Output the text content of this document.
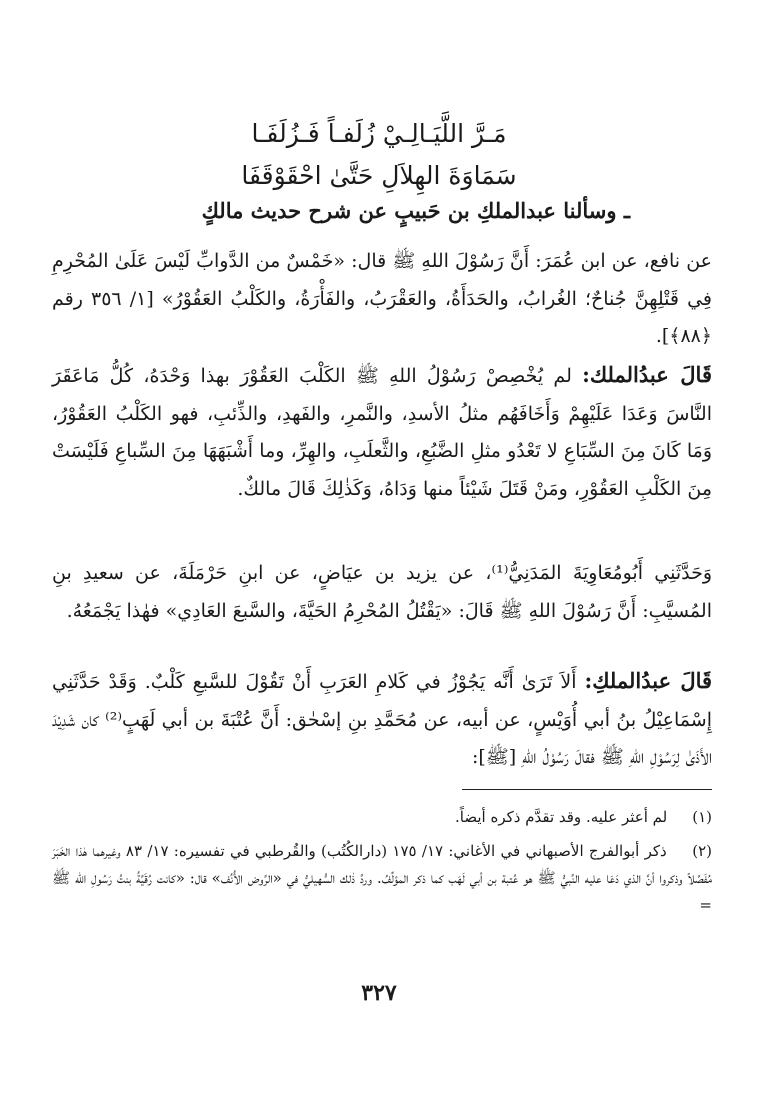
مَـرَّ اللَّيَـالِـيْ زُلَفـاً فَـزُلَفَـا
سَمَاوَةَ الهِلاَلِ حَتَّىٰ احْقَوْقَفَا
ـ وسألنا عبدالملكِ بن حَبيبٍ عن شرح حديث مالكٍ
عن نافع، عن ابن عُمَرَ: أَنَّ رَسُوْلَ اللهِ ﷺ قال: «خَمْسٌ من الدَّوابِّ لَيْسَ عَلَىٰ المُحْرِمِ فِي قَتْلِهِنَّ جُناحٌ؛ الغُرابُ، والحَدَأَةُ، والعَقْرَبُ، والفَأْرَةُ، والكَلْبُ العَقُوْرُ» [١/ ٣٥٦ رقم ﴿٨٨﴾].
قَالَ عبدُالملك: لم يُخْصِصْ رَسُوْلُ اللهِ ﷺ الكَلْبَ العَقُوْرَ بهذا وَحْدَهُ، كُلُّ مَاعَقَرَ النَّاسَ وَعَدَا عَلَيْهِمْ وَأَخَافَهُم مثلُ الأسدِ، والنَّمرِ، والفَهدِ، والذِّئبِ، فهو الكَلْبُ العَقُوْرُ، وَمَا كَانَ مِنَ السِّبَاعِ لا تَعْدُو مثلِ الضَّبُعِ، والثَّعلَبِ، والهِرِّ، وما أَشْبَهَهَا مِنَ السِّباعِ فَلَيْسَتْ مِنَ الكَلْبِ العَقُوْرِ، ومَنْ قَتَلَ شَيْئاً منها وَدَاهُ، وَكَذٰلِكَ قَالَ مالكٌ.
وَحَدَّثَنِي أَبُومُعَاوِيَةَ المَدَنِيُّ⁽¹⁾، عن يزيد بن عيَاضٍ، عن ابنِ حَرْمَلَةَ، عن سعيدِ بنِ المُسيَّبِ: أَنَّ رَسُوْلَ اللهِ ﷺ قَالَ: «يَقْتُلُ المُحْرِمُ الحَيَّةَ، والسَّبعَ العَادِي» فهٰذا يَجْمَعُهُ.
قَالَ عبدُالملكِ: أَلاَ تَرَىٰ أَنَّه يَجُوْزُ في كَلامِ العَرَبِ أَنْ تَقُوْلَ للسَّبعِ كَلْبٌ. وَقَدْ حَدَّثَنِي إِسْمَاعِيْلُ بنُ أبي أُوَيْسٍ، عن أبيه، عن مُحَمَّدِ بنِ إسْحٰق: أَنَّ عُتْبَةَ بن أبي لَهَبٍ⁽²⁾ كان شَدِيْدَ الأَذَىٰ لِرَسُوْلِ اللهِ ﷺ فقالَ رَسُوْلُ اللهِ [ﷺ]:
(١) لم أعثر عليه. وقد تقدَّم ذكره أيضاً.
(٢) ذكر أبوالفرج الأصبهاني في الأغاني: ١٧/ ١٧٥ (دارالكُتُب) والقُرطبي في تفسيره: ١٧/ ٨٣ وغيرهما هٰذا الخَبَرَ مُفَصَّلاً وذكروا أنَّ الذي دَعَا عليه النَّبيُّ ﷺ هو عُتبة بن أبي لَهَب كما ذكر المؤلِّفُ. وردَّ ذٰلك السُّهيليُّ في «الرَّوض الأُنُف» قال: «كانت رُقَيَّةُ بنتُ رَسُولِ الله ﷺ =
٣٢٧
